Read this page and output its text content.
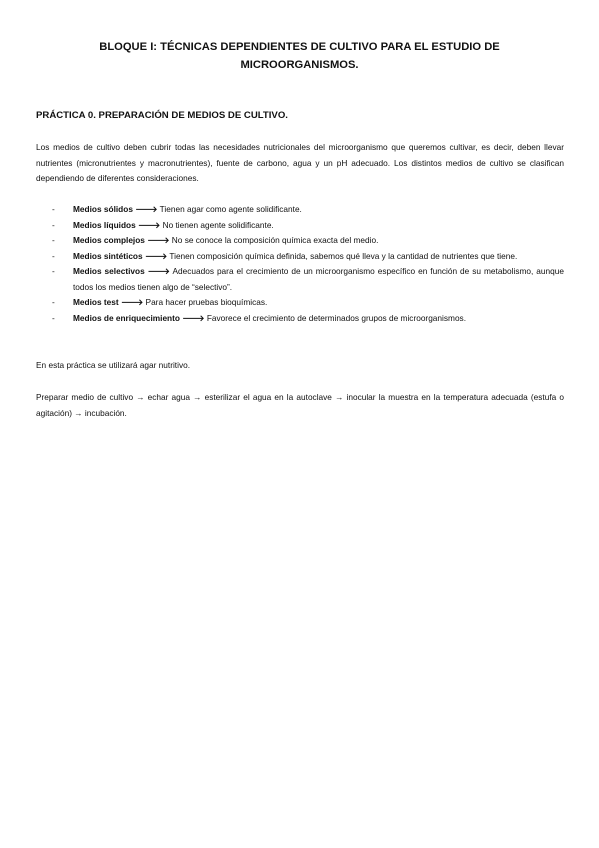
BLOQUE I: TÉCNICAS DEPENDIENTES DE CULTIVO PARA EL ESTUDIO DE
MICROORGANISMOS.
PRÁCTICA 0. PREPARACIÓN DE MEDIOS DE CULTIVO.
Los medios de cultivo deben cubrir todas las necesidades nutricionales del microorganismo que queremos cultivar, es decir, deben llevar nutrientes (micronutrientes y macronutrientes), fuente de carbono, agua y un pH adecuado. Los distintos medios de cultivo se clasifican dependiendo de diferentes consideraciones.
- Medios sólidos 🡒 Tienen agar como agente solidificante.
- Medios líquidos 🡒 No tienen agente solidificante.
- Medios complejos 🡒 No se conoce la composición química exacta del medio.
- Medios sintéticos 🡒 Tienen composición química definida, sabemos qué lleva y la cantidad de nutrientes que tiene.
- Medios selectivos 🡒 Adecuados para el crecimiento de un microorganismo específico en función de su metabolismo, aunque todos los medios tienen algo de “selectivo”.
- Medios test 🡒 Para hacer pruebas bioquímicas.
- Medios de enriquecimiento 🡒 Favorece el crecimiento de determinados grupos de microorganismos.
En esta práctica se utilizará agar nutritivo.
Preparar medio de cultivo → echar agua → esterilizar el agua en la autoclave → inocular la muestra en la temperatura adecuada (estufa o agitación) → incubación.
